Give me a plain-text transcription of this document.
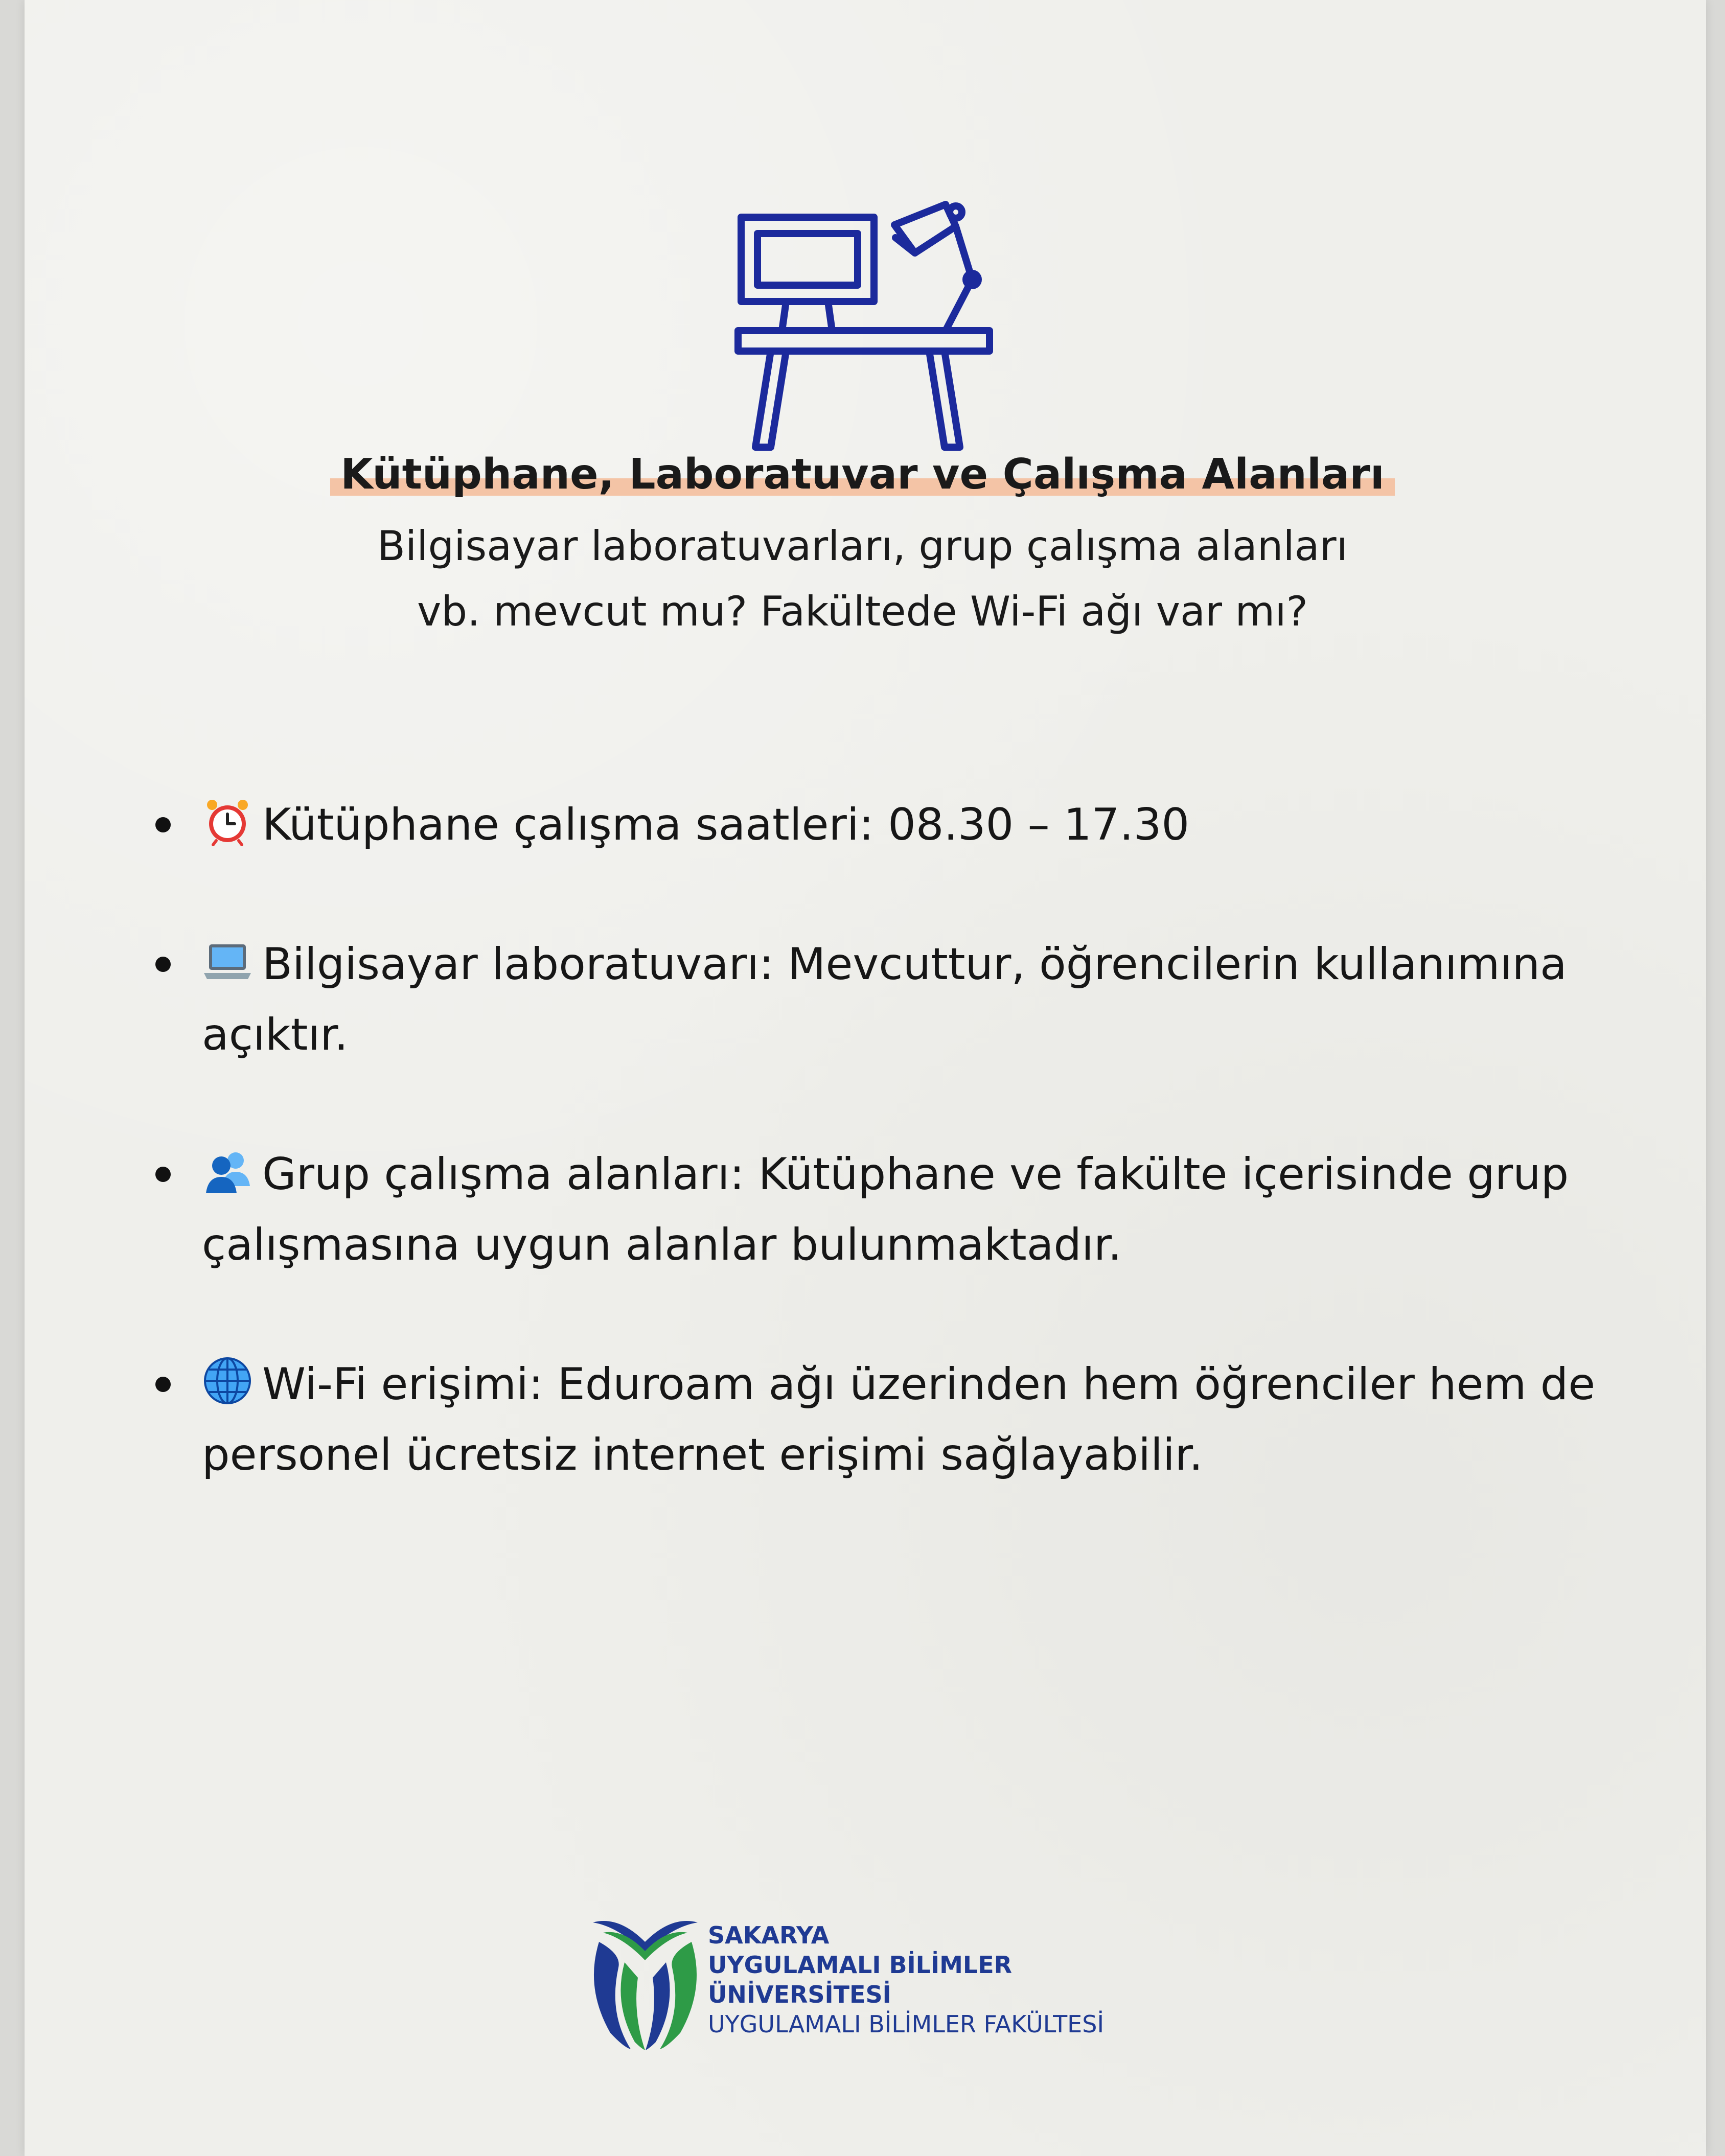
Kütüphane, Laboratuvar ve Çalışma Alanları
Bilgisayar laboratuvarları, grup çalışma alanları
vb. mevcut mu? Fakültede Wi-Fi ağı var mı?
Kütüphane çalışma saatleri: 08.30 – 17.30
Bilgisayar laboratuvarı: Mevcuttur, öğrencilerin kullanımına açıktır.
Grup çalışma alanları: Kütüphane ve fakülte içerisinde grup çalışmasına uygun alanlar bulunmaktadır.
Wi-Fi erişimi: Eduroam ağı üzerinden hem öğrenciler hem de personel ücretsiz internet erişimi sağlayabilir.
SAKARYA
UYGULAMALI BİLİMLER
ÜNİVERSİTESİ
UYGULAMALI BİLİMLER FAKÜLTESİ
